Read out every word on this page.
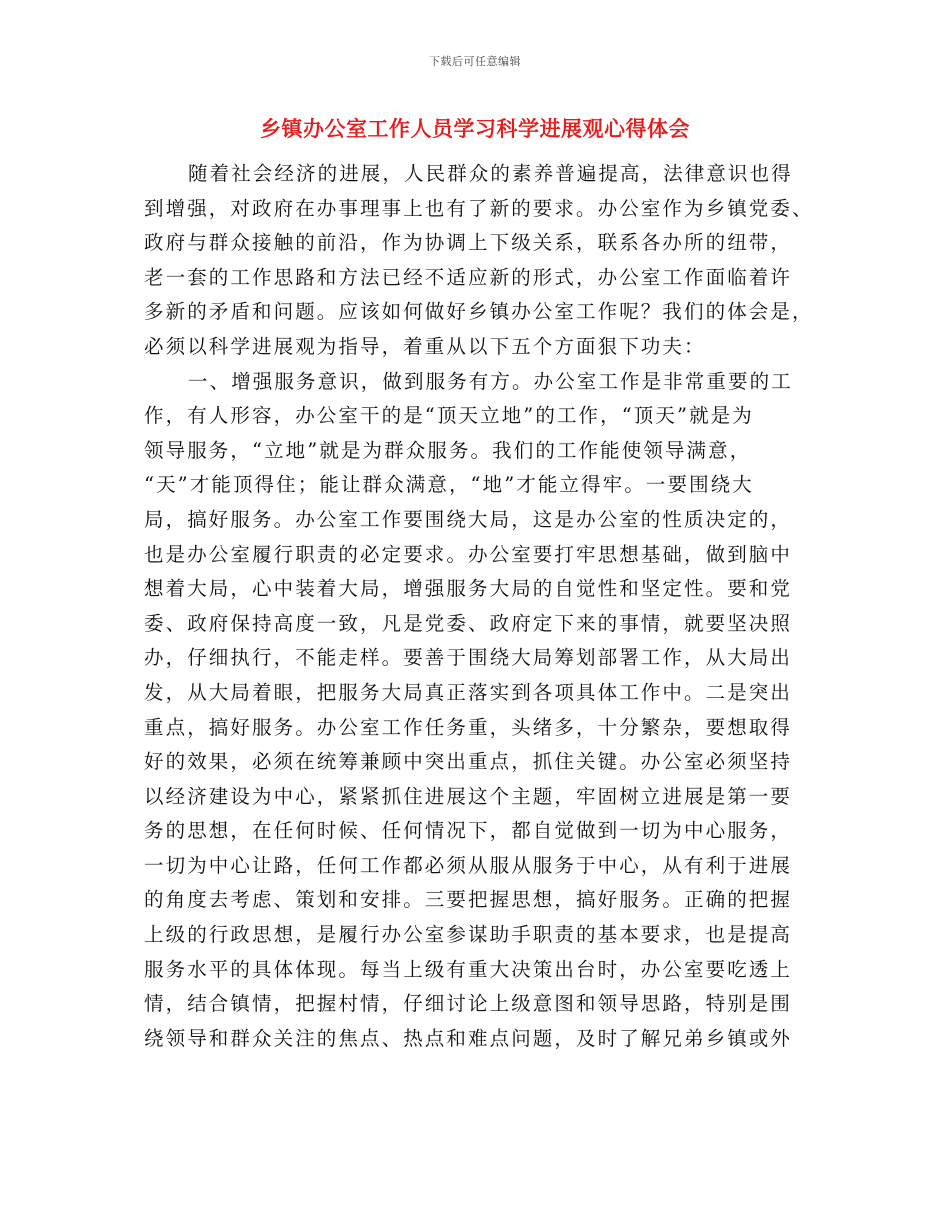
下载后可任意编辑
乡镇办公室工作人员学习科学进展观心得体会
随着社会经济的进展，人民群众的素养普遍提高，法律意识也得
到增强，对政府在办事理事上也有了新的要求。办公室作为乡镇党委、
政府与群众接触的前沿，作为协调上下级关系，联系各办所的纽带，
老一套的工作思路和方法已经不适应新的形式，办公室工作面临着许
多新的矛盾和问题。应该如何做好乡镇办公室工作呢？我们的体会是，
必须以科学进展观为指导，着重从以下五个方面狠下功夫：
一、增强服务意识，做到服务有方。办公室工作是非常重要的工
作，有人形容，办公室干的是“顶天立地”的工作，“顶天”就是为
领导服务，“立地”就是为群众服务。我们的工作能使领导满意，
“天”才能顶得住；能让群众满意，“地”才能立得牢。一要围绕大
局，搞好服务。办公室工作要围绕大局，这是办公室的性质决定的，
也是办公室履行职责的必定要求。办公室要打牢思想基础，做到脑中
想着大局，心中装着大局，增强服务大局的自觉性和坚定性。要和党
委、政府保持高度一致，凡是党委、政府定下来的事情，就要坚决照
办，仔细执行，不能走样。要善于围绕大局筹划部署工作，从大局出
发，从大局着眼，把服务大局真正落实到各项具体工作中。二是突出
重点，搞好服务。办公室工作任务重，头绪多，十分繁杂，要想取得
好的效果，必须在统筹兼顾中突出重点，抓住关键。办公室必须坚持
以经济建设为中心，紧紧抓住进展这个主题，牢固树立进展是第一要
务的思想，在任何时候、任何情况下，都自觉做到一切为中心服务，
一切为中心让路，任何工作都必须从服从服务于中心，从有利于进展
的角度去考虑、策划和安排。三要把握思想，搞好服务。正确的把握
上级的行政思想，是履行办公室参谋助手职责的基本要求，也是提高
服务水平的具体体现。每当上级有重大决策出台时，办公室要吃透上
情，结合镇情，把握村情，仔细讨论上级意图和领导思路，特别是围
绕领导和群众关注的焦点、热点和难点问题，及时了解兄弟乡镇或外
